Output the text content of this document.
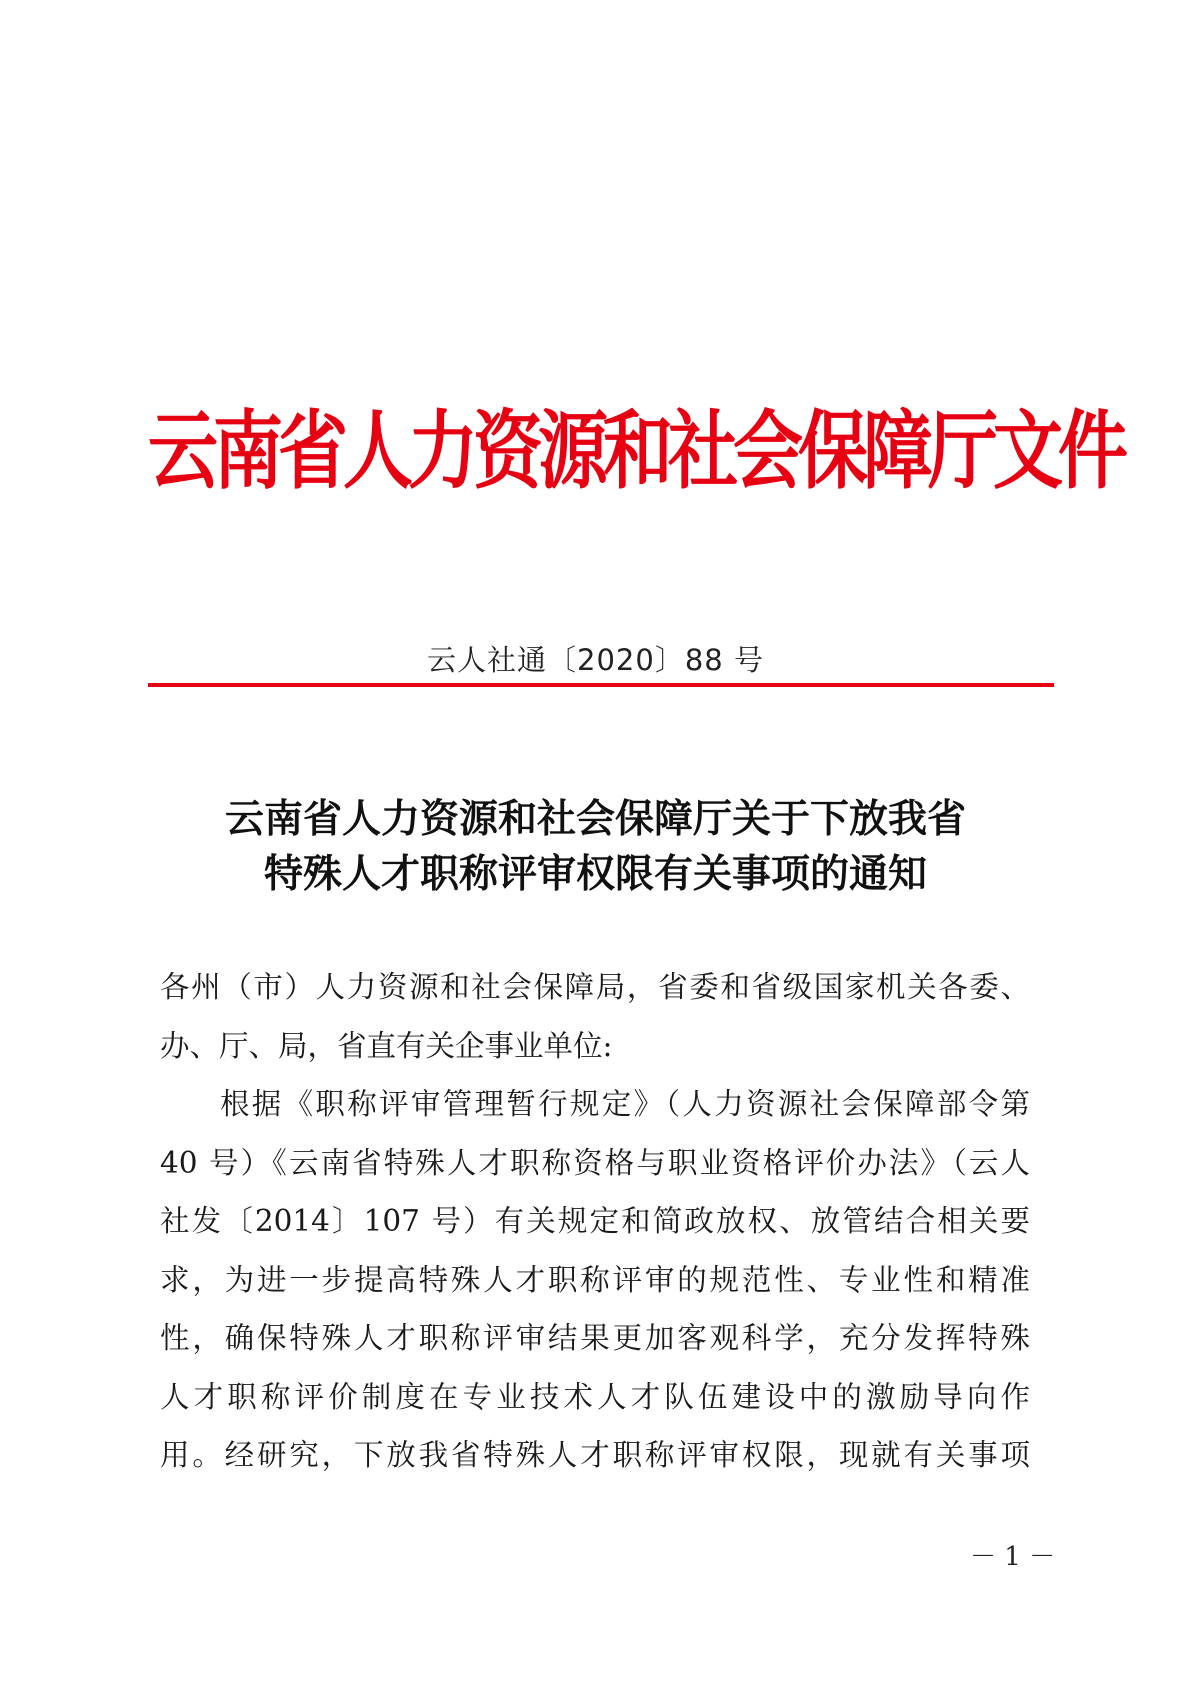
云南省人力资源和社会保障厅文件
云人社通〔2020〕88 号
云南省人力资源和社会保障厅关于下放我省
特殊人才职称评审权限有关事项的通知
各州（市）人力资源和社会保障局，省委和省级国家机关各委、
办、厅、局，省直有关企事业单位:
根据《职称评审管理暂行规定》（人力资源社会保障部令第
40 号）《云南省特殊人才职称资格与职业资格评价办法》（云人
社发〔2014〕107 号）有关规定和简政放权、放管结合相关要
求，为进一步提高特殊人才职称评审的规范性、专业性和精准
性，确保特殊人才职称评审结果更加客观科学，充分发挥特殊
人才职称评价制度在专业技术人才队伍建设中的激励导向作
用。经研究，下放我省特殊人才职称评审权限，现就有关事项
－ 1 －
